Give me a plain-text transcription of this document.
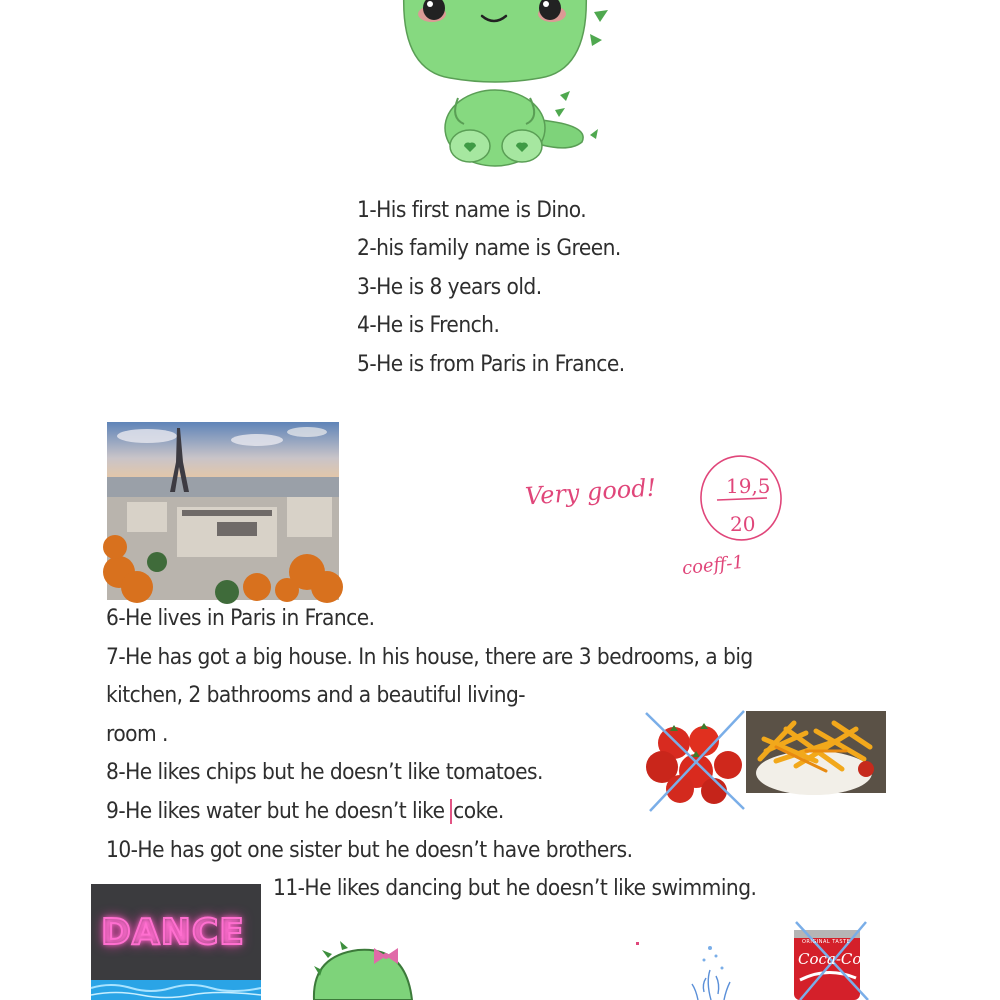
1-His first name is Dino.
2-his family name is Green.
3-He is 8 years old.
4-He is French.
5-He is from Paris in France.
Very good!	19,5
20
coeff-1
6-He lives in Paris in France.
7-He has got a big house. In his house, there are 3 bedrooms, a big
kitchen, 2 bathrooms and a beautiful living-
room .
8-He likes chips but he doesn’t like tomatoes.
9-He likes water but he doesn’t like coke.
10-He has got one sister but he doesn’t have brothers.
11-He likes dancing but he doesn’t like swimming.
DANCE	ORIGINAL TASTE
Coca-Cola
